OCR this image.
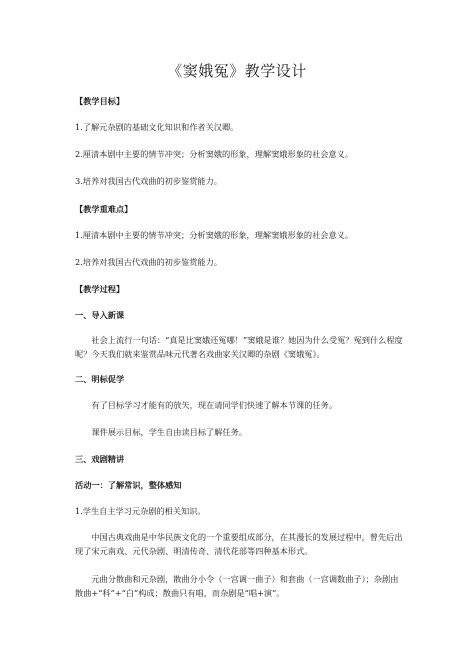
《窦娥冤》教学设计
【教学目标】
1.了解元杂剧的基础文化知识和作者关汉卿。
2.厘清本剧中主要的情节冲突；分析窦娥的形象，理解窦娥形象的社会意义。
3.培养对我国古代戏曲的初步鉴赏能力。
【教学重难点】
1.厘清本剧中主要的情节冲突；分析窦娥的形象，理解窦娥形象的社会意义。
2.培养对我国古代戏曲的初步鉴赏能力。
【教学过程】
一、导入新课
社会上流行一句话：“真是比窦娥还冤哪！”窦娥是谁？她因为什么受冤？冤到什么程度呢？今天我们就来鉴赏品味元代著名戏曲家关汉卿的杂剧《窦娥冤》。
二、明标促学
有了目标学习才能有的放矢，现在请同学们快速了解本节课的任务。
课件展示目标，学生自由读目标了解任务。
三、戏剧精讲
活动一：了解常识，整体感知
1.学生自主学习元杂剧的相关知识。
中国古典戏曲是中华民族文化的一个重要组成部分，在其漫长的发展过程中，曾先后出现了宋元南戏、元代杂剧、明清传奇、清代花部等四种基本形式。
元曲分散曲和元杂剧，散曲分小令（一宫调一曲子）和套曲（一宫调数曲子）；杂剧由散曲+“科”+“白”构成；散曲只有唱，而杂剧是“唱+演”。
